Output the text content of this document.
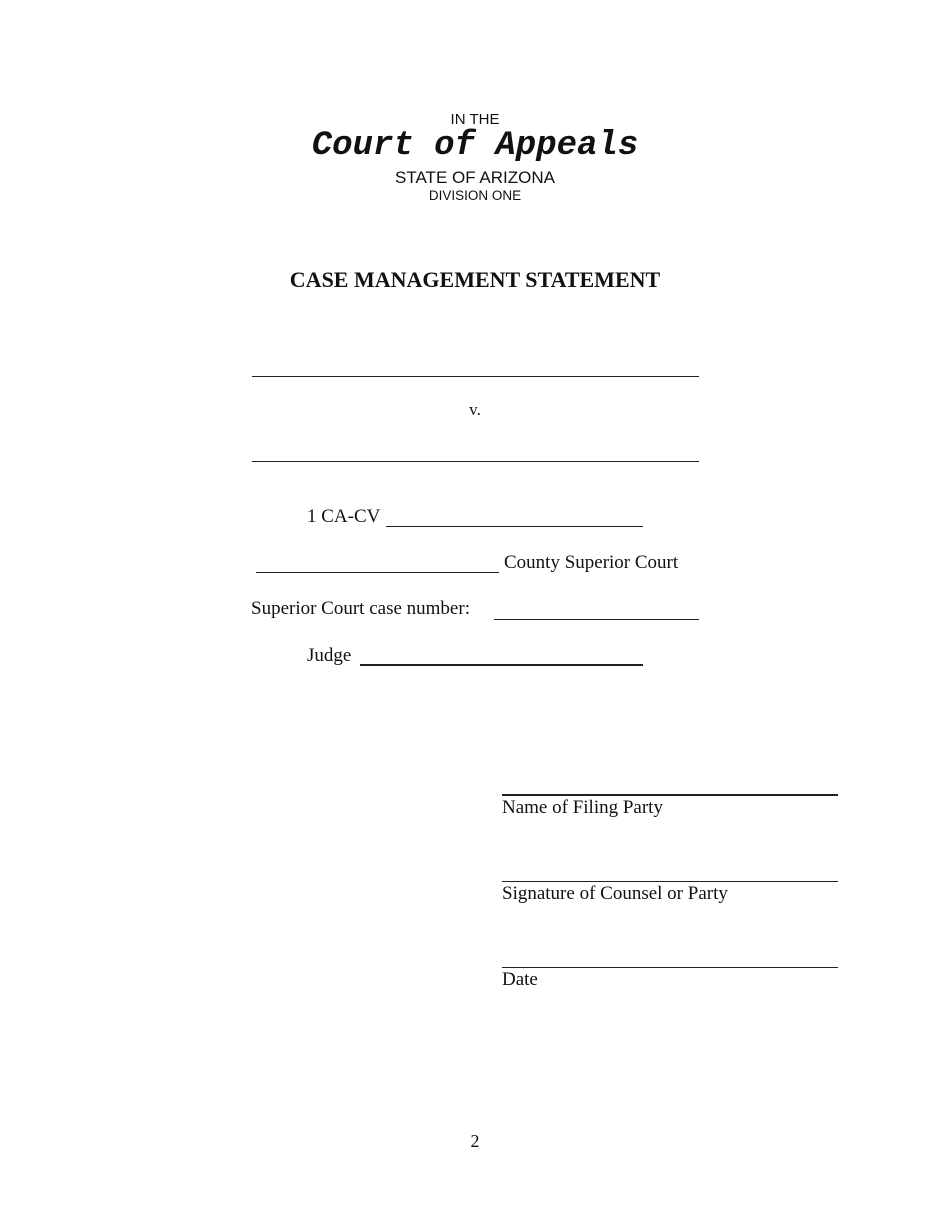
IN THE
Court of Appeals
STATE OF ARIZONA
DIVISION ONE
CASE MANAGEMENT STATEMENT
v.
1 CA-CV
County Superior Court
Superior Court case number:
Judge
Name of Filing Party
Signature of Counsel or Party
Date
2
